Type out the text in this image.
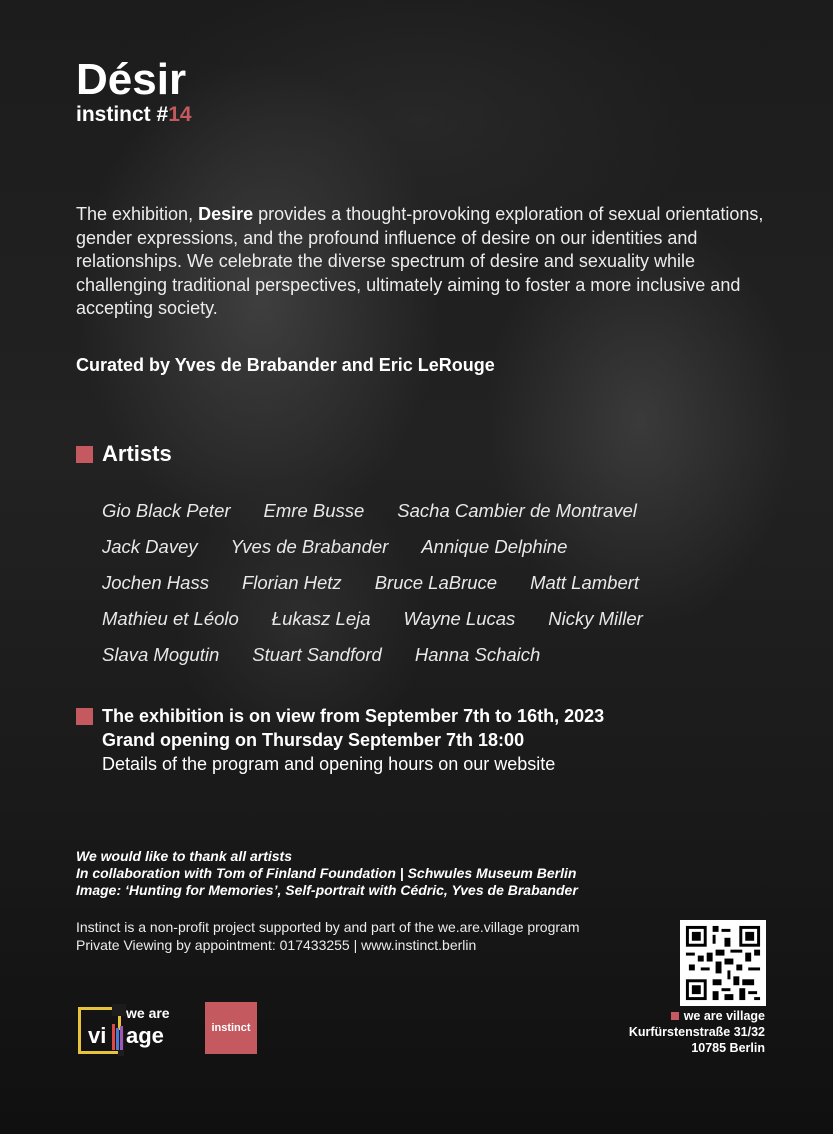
Désir
instinct #14
The exhibition, Desire provides a thought-provoking exploration of sexual orientations, gender expressions, and the profound influence of desire on our identities and relationships. We celebrate the diverse spectrum of desire and sexuality while challenging traditional perspectives, ultimately aiming to foster a more inclusive and accepting society.
Curated by Yves de Brabander and Eric LeRouge
Artists
Gio Black Peter Emre Busse Sacha Cambier de Montravel
Jack Davey Yves de Brabander Annique Delphine
Jochen Hass Florian Hetz Bruce LaBruce Matt Lambert
Mathieu et Léolo Łukasz Leja Wayne Lucas Nicky Miller
Slava Mogutin Stuart Sandford Hanna Schaich
The exhibition is on view from September 7th to 16th, 2023
Grand opening on Thursday September 7th 18:00
Details of the program and opening hours on our website
We would like to thank all artists
In collaboration with Tom of Finland Foundation | Schwules Museum Berlin
Image: ‘Hunting for Memories’, Self-portrait with Cédric, Yves de Brabander
Instinct is a non-profit project supported by and part of the we.are.village program
Private Viewing by appointment: 017433255 | www.instinct.berlin
we are village
Kurfürstenstraße 31/32
10785 Berlin
we are
vi age	instinct
